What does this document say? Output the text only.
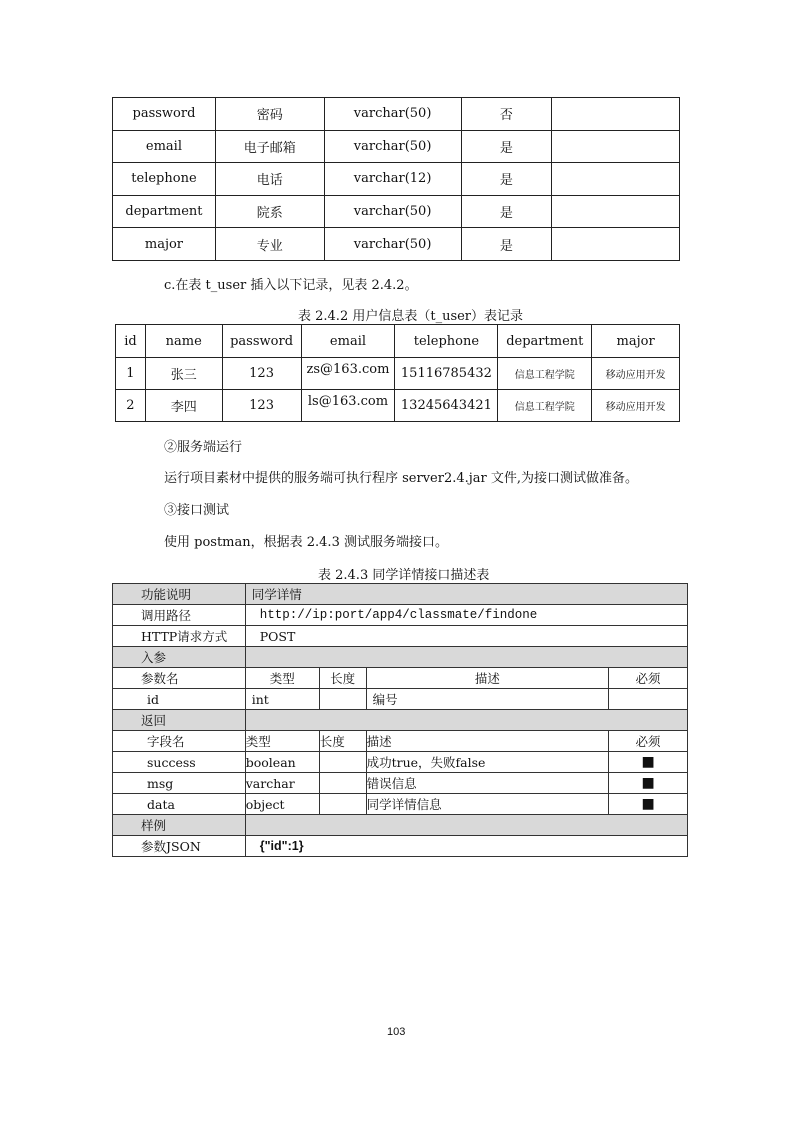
password	密码	varchar(50)	否	
email	电子邮箱	varchar(50)	是	
telephone	电话	varchar(12)	是	
department	院系	varchar(50)	是	
major	专业	varchar(50)	是	
c.在表 t_user 插入以下记录，见表 2.4.2。
表 2.4.2 用户信息表（t_user）表记录
id	name	password	email	telephone	department	major
1	张三	123	zs@163.com	15116785432	信息工程学院	移动应用开发
2	李四	123	ls@163.com	13245643421	信息工程学院	移动应用开发
②服务端运行
运行项目素材中提供的服务端可执行程序 server2.4.jar 文件,为接口测试做准备。
③接口测试
使用 postman，根据表 2.4.3 测试服务端接口。
表 2.4.3 同学详情接口描述表
功能说明	同学详情			
调用路径	http://ip:port/app4/classmate/findone			
HTTP请求方式	POST			
入参				
参数名	类型	长度	描述	必须
id	int		编号	
返回				
字段名	类型	长度	描述	必须
success	boolean		成功true，失败false	■
msg	varchar		错误信息	■
data	object		同学详情信息	■
样例				
参数JSON	{"id":1}			
103
